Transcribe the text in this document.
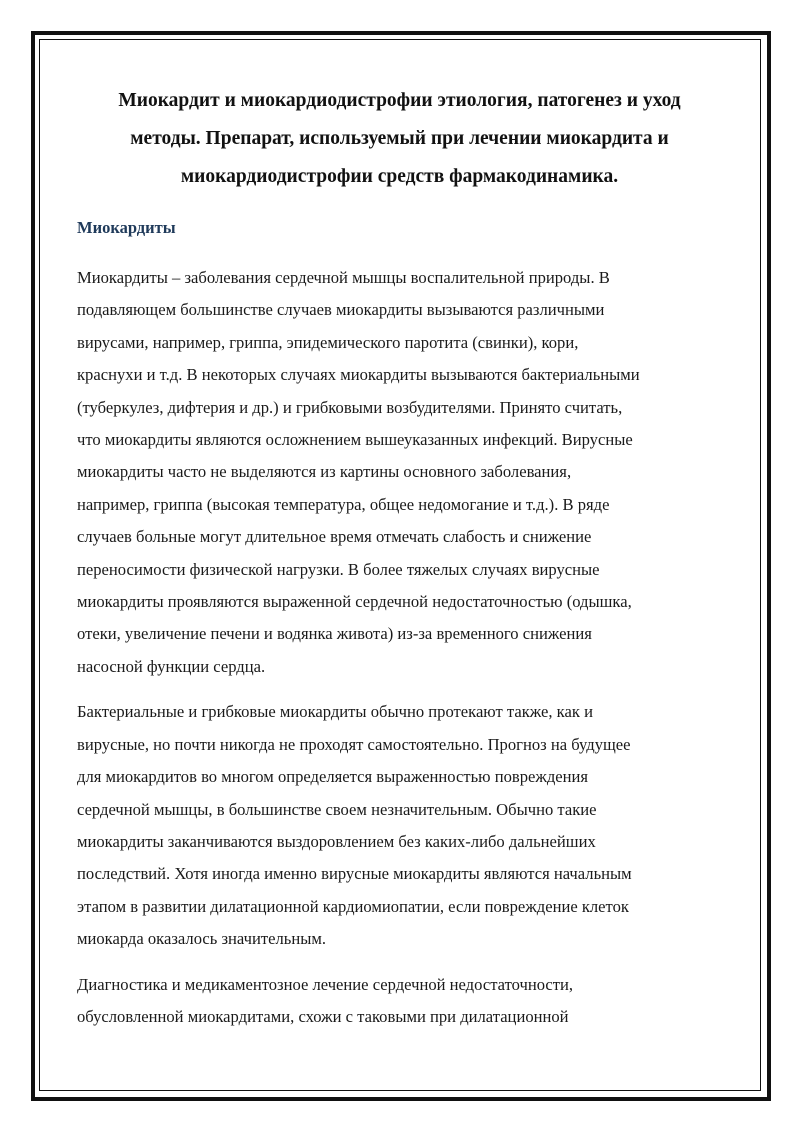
Миокардит и миокардиодистрофии этиология, патогенез и уход
методы. Препарат, используемый при лечении миокардита и
миокардиодистрофии средств фармакодинамика.
Миокардиты

Миокардиты – заболевания сердечной мышцы воспалительной природы. В
подавляющем большинстве случаев миокардиты вызываются различными
вирусами, например, гриппа, эпидемического паротита (свинки), кори,
краснухи и т.д. В некоторых случаях миокардиты вызываются бактериальными
(туберкулез, дифтерия и др.) и грибковыми возбудителями. Принято считать,
что миокардиты являются осложнением вышеуказанных инфекций. Вирусные
миокардиты часто не выделяются из картины основного заболевания,
например, гриппа (высокая температура, общее недомогание и т.д.). В ряде
случаев больные могут длительное время отмечать слабость и снижение
переносимости физической нагрузки. В более тяжелых случаях вирусные
миокардиты проявляются выраженной сердечной недостаточностью (одышка,
отеки, увеличение печени и водянка живота) из-за временного снижения
насосной функции сердца.

Бактериальные и грибковые миокардиты обычно протекают также, как и
вирусные, но почти никогда не проходят самостоятельно. Прогноз на будущее
для миокардитов во многом определяется выраженностью повреждения
сердечной мышцы, в большинстве своем незначительным. Обычно такие
миокардиты заканчиваются выздоровлением без каких-либо дальнейших
последствий. Хотя иногда именно вирусные миокардиты являются начальным
этапом в развитии дилатационной кардиомиопатии, если повреждение клеток
миокарда оказалось значительным.

Диагностика и медикаментозное лечение сердечной недостаточности,
обусловленной миокардитами, схожи с таковыми при дилатационной
